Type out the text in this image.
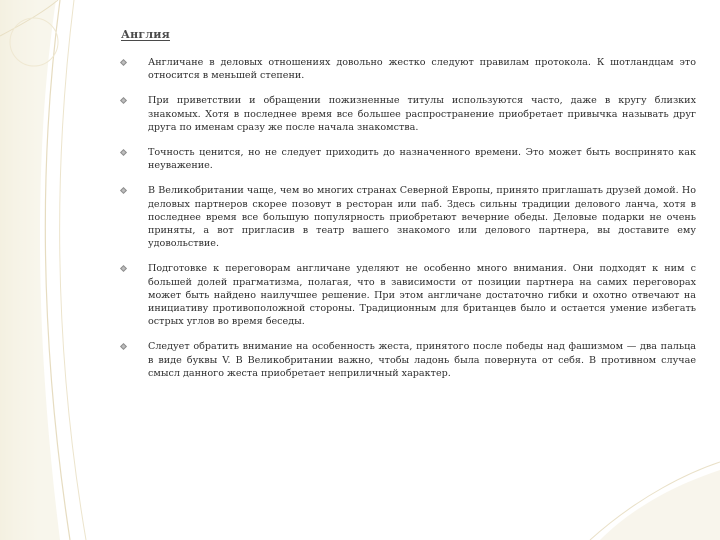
Англия
Англичане в деловых отношениях довольно жестко следуют правилам протокола. К шотландцам это относится в меньшей степени.
При приветствии и обращении пожизненные титулы используются часто, даже в кругу близких знакомых. Хотя в последнее время все большее распространение приобретает привычка называть друг друга по именам сразу же после начала знакомства.
Точность ценится, но не следует приходить до назначенного времени. Это может быть воспринято как неуважение.
В Великобритании чаще, чем во многих странах Северной Европы, принято приглашать друзей домой. Но деловых партнеров скорее позовут в ресторан или паб. Здесь сильны традиции делового ланча, хотя в последнее время все большую популярность приобретают вечерние обеды. Деловые подарки не очень приняты, а вот пригласив в театр вашего знакомого или делового партнера, вы доставите ему удовольствие.
Подготовке к переговорам англичане уделяют не особенно много внимания. Они подходят к ним с большей долей прагматизма, полагая, что в зависимости от позиции партнера на самих переговорах может быть найдено наилучшее решение. При этом англичане достаточно гибки и охотно отвечают на инициативу противоположной стороны. Традиционным для британцев было и остается умение избегать острых углов во время беседы.
Следует обратить внимание на особенность жеста, принятого после победы над фашизмом — два пальца в виде буквы V. В Великобритании важно, чтобы ладонь была повернута от себя. В противном случае смысл данного жеста приобретает неприличный характер.
